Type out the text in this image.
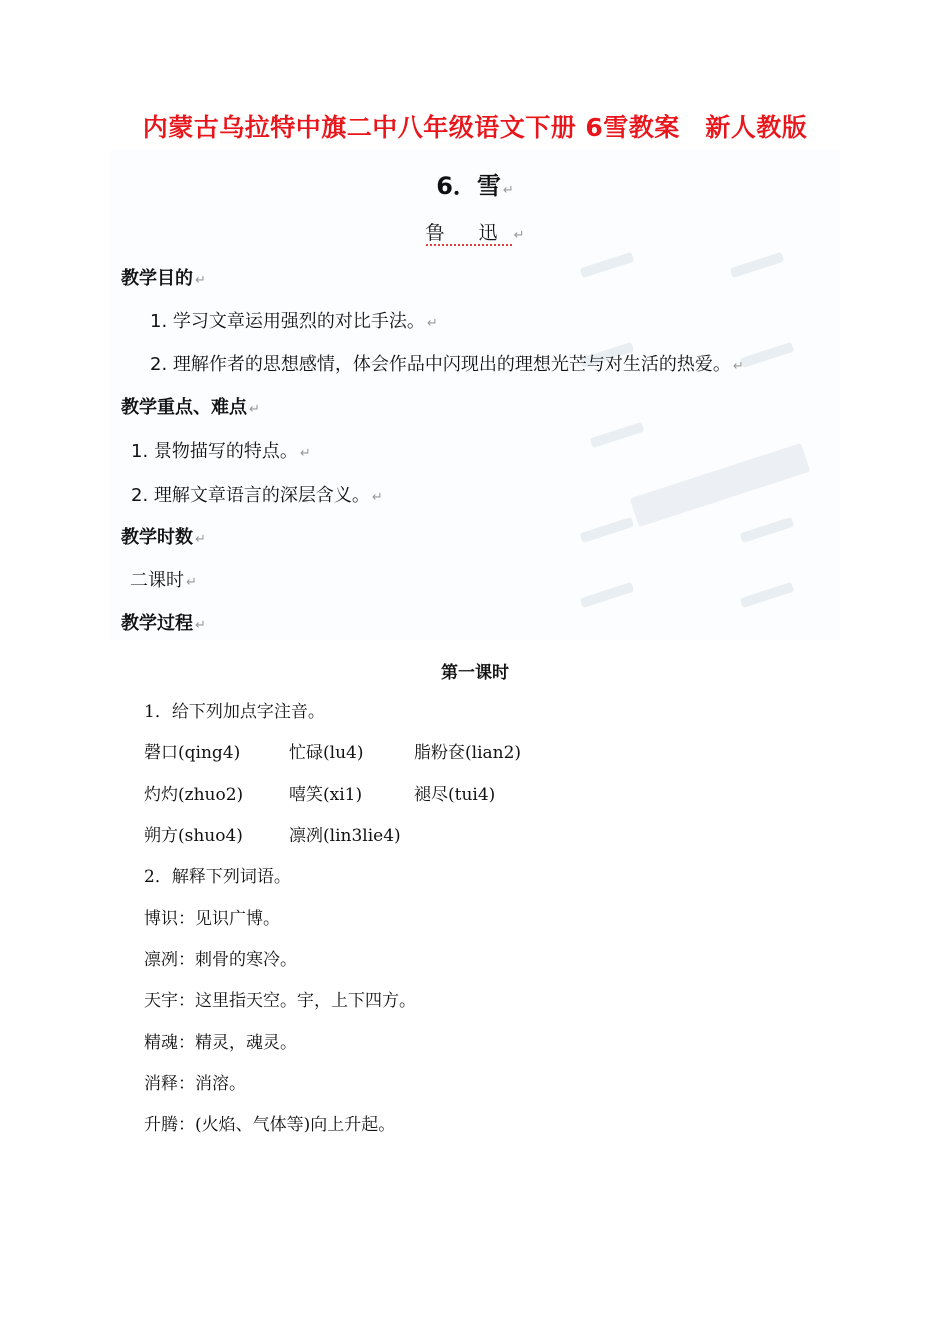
内蒙古乌拉特中旗二中八年级语文下册 6雪教案　新人教版
6．雪 ↵
鲁 迅 ↵
教学目的 ↵
1. 学习文章运用强烈的对比手法。 ↵
2. 理解作者的思想感情，体会作品中闪现出的理想光芒与对生活的热爱。 ↵
教学重点、难点 ↵
1. 景物描写的特点。 ↵
2. 理解文章语言的深层含义。 ↵
教学时数 ↵
二课时 ↵
教学过程 ↵
第一课时
1．给下列加点字注音。
磬口(qing4)	忙碌(lu4)	脂粉奁(lian2)
灼灼(zhuo2)	嘻笑(xi1)	褪尽(tui4)
朔方(shuo4)	凛冽(lin3lie4)
2．解释下列词语。
博识：见识广博。
凛冽：刺骨的寒冷。
天宇：这里指天空。宇，上下四方。
精魂：精灵，魂灵。
消释：消溶。
升腾：(火焰、气体等)向上升起。
